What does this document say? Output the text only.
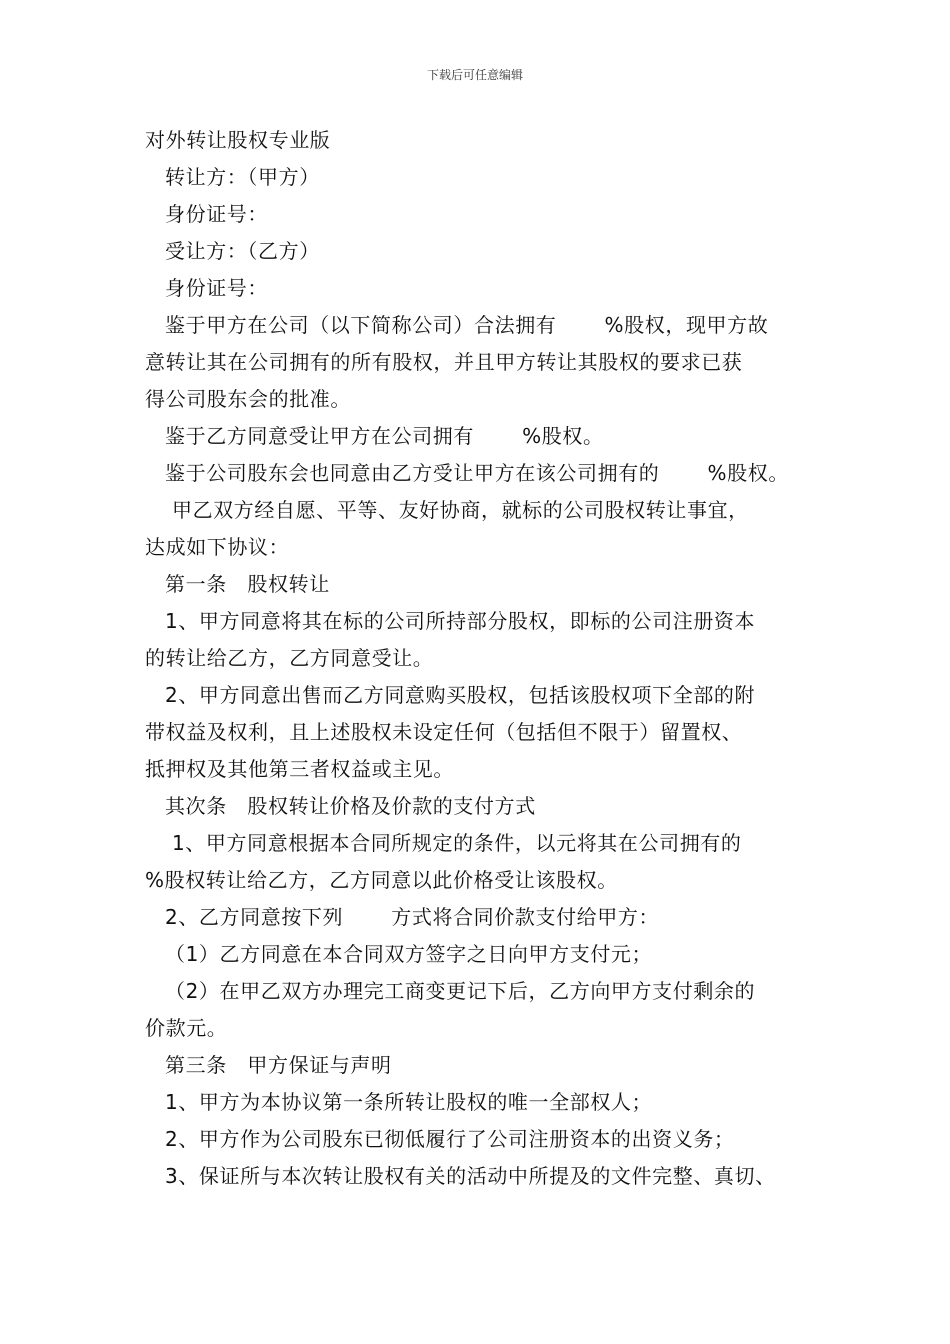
下载后可任意编辑

对外转让股权专业版

转让方：（甲方）

身份证号：

受让方：（乙方）

身份证号：

鉴于甲方在公司（以下简称公司）合法拥有 　　%股权，现甲方故

意转让其在公司拥有的所有股权，并且甲方转让其股权的要求已获

得公司股东会的批准。

鉴于乙方同意受让甲方在公司拥有 　　%股权。

鉴于公司股东会也同意由乙方受让甲方在该公司拥有的 　　%股权。

甲乙双方经自愿、平等、友好协商，就标的公司股权转让事宜，

达成如下协议：

第一条　股权转让

1、甲方同意将其在标的公司所持部分股权，即标的公司注册资本

的转让给乙方，乙方同意受让。

2、甲方同意出售而乙方同意购买股权，包括该股权项下全部的附

带权益及权利，且上述股权未设定任何（包括但不限于）留置权、

抵押权及其他第三者权益或主见。

其次条　股权转让价格及价款的支付方式

1、甲方同意根据本合同所规定的条件，以元将其在公司拥有的

%股权转让给乙方，乙方同意以此价格受让该股权。

2、乙方同意按下列 　　方式将合同价款支付给甲方：

（1）乙方同意在本合同双方签字之日向甲方支付元；

（2）在甲乙双方办理完工商变更记下后，乙方向甲方支付剩余的

价款元。

第三条　甲方保证与声明

1、甲方为本协议第一条所转让股权的唯一全部权人；

2、甲方作为公司股东已彻低履行了公司注册资本的出资义务；

3、保证所与本次转让股权有关的活动中所提及的文件完整、真切、
